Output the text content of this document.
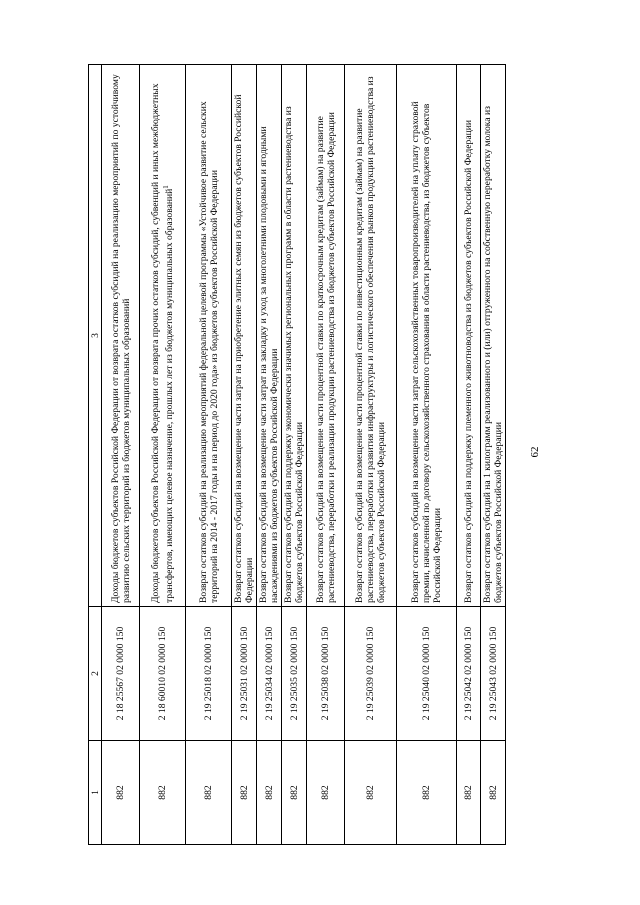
62
1	2	3
882	2 18 25567 02 0000 150	Доходы бюджетов субъектов Российской Федерации от возврата остатков субсидий на реализацию мероприятий по устойчивому развитию сельских территорий из бюджетов муниципальных образований
882	2 18 60010 02 0000 150	Доходы бюджетов субъектов Российской Федерации от возврата прочих остатков субсидий, субвенций и иных межбюджетных трансфертов, имеющих целевое назначение, прошлых лет из бюджетов муниципальных образований$^1$
882	2 19 25018 02 0000 150	Возврат остатков субсидий на реализацию мероприятий федеральной целевой программы «Устойчивое развитие сельских территорий на 2014 - 2017 годы и на период до 2020 года» из бюджетов субъектов Российской Федерации
882	2 19 25031 02 0000 150	Возврат остатков субсидий на возмещение части затрат на приобретение элитных семян из бюджетов субъектов Российской Федерации
882	2 19 25034 02 0000 150	Возврат остатков субсидий на возмещение части затрат на закладку и уход за многолетними плодовыми и ягодными насаждениями из бюджетов субъектов Российской Федерации
882	2 19 25035 02 0000 150	Возврат остатков субсидий на поддержку экономически значимых региональных программ в области растениеводства из бюджетов субъектов Российской Федерации
882	2 19 25038 02 0000 150	Возврат остатков субсидий на возмещение части процентной ставки по краткосрочным кредитам (займам) на развитие растениеводства, переработки и реализации продукции растениеводства из бюджетов субъектов Российской Федерации
882	2 19 25039 02 0000 150	Возврат остатков субсидий на возмещение части процентной ставки по инвестиционным кредитам (займам) на развитие растениеводства, переработки и развития инфраструктуры и логистического обеспечения рынков продукции растениеводства из бюджетов субъектов Российской Федерации
882	2 19 25040 02 0000 150	Возврат остатков субсидий на возмещение части затрат сельскохозяйственных товаропроизводителей на уплату страховой премии, начисленной по договору сельскохозяйственного страхования в области растениеводства, из бюджетов субъектов Российской Федерации
882	2 19 25042 02 0000 150	Возврат остатков субсидий на поддержку племенного животноводства из бюджетов субъектов Российской Федерации
882	2 19 25043 02 0000 150	Возврат остатков субсидий на 1 килограмм реализованного и (или) отгруженного на собственную переработку молока из бюджетов субъектов Российской Федерации
